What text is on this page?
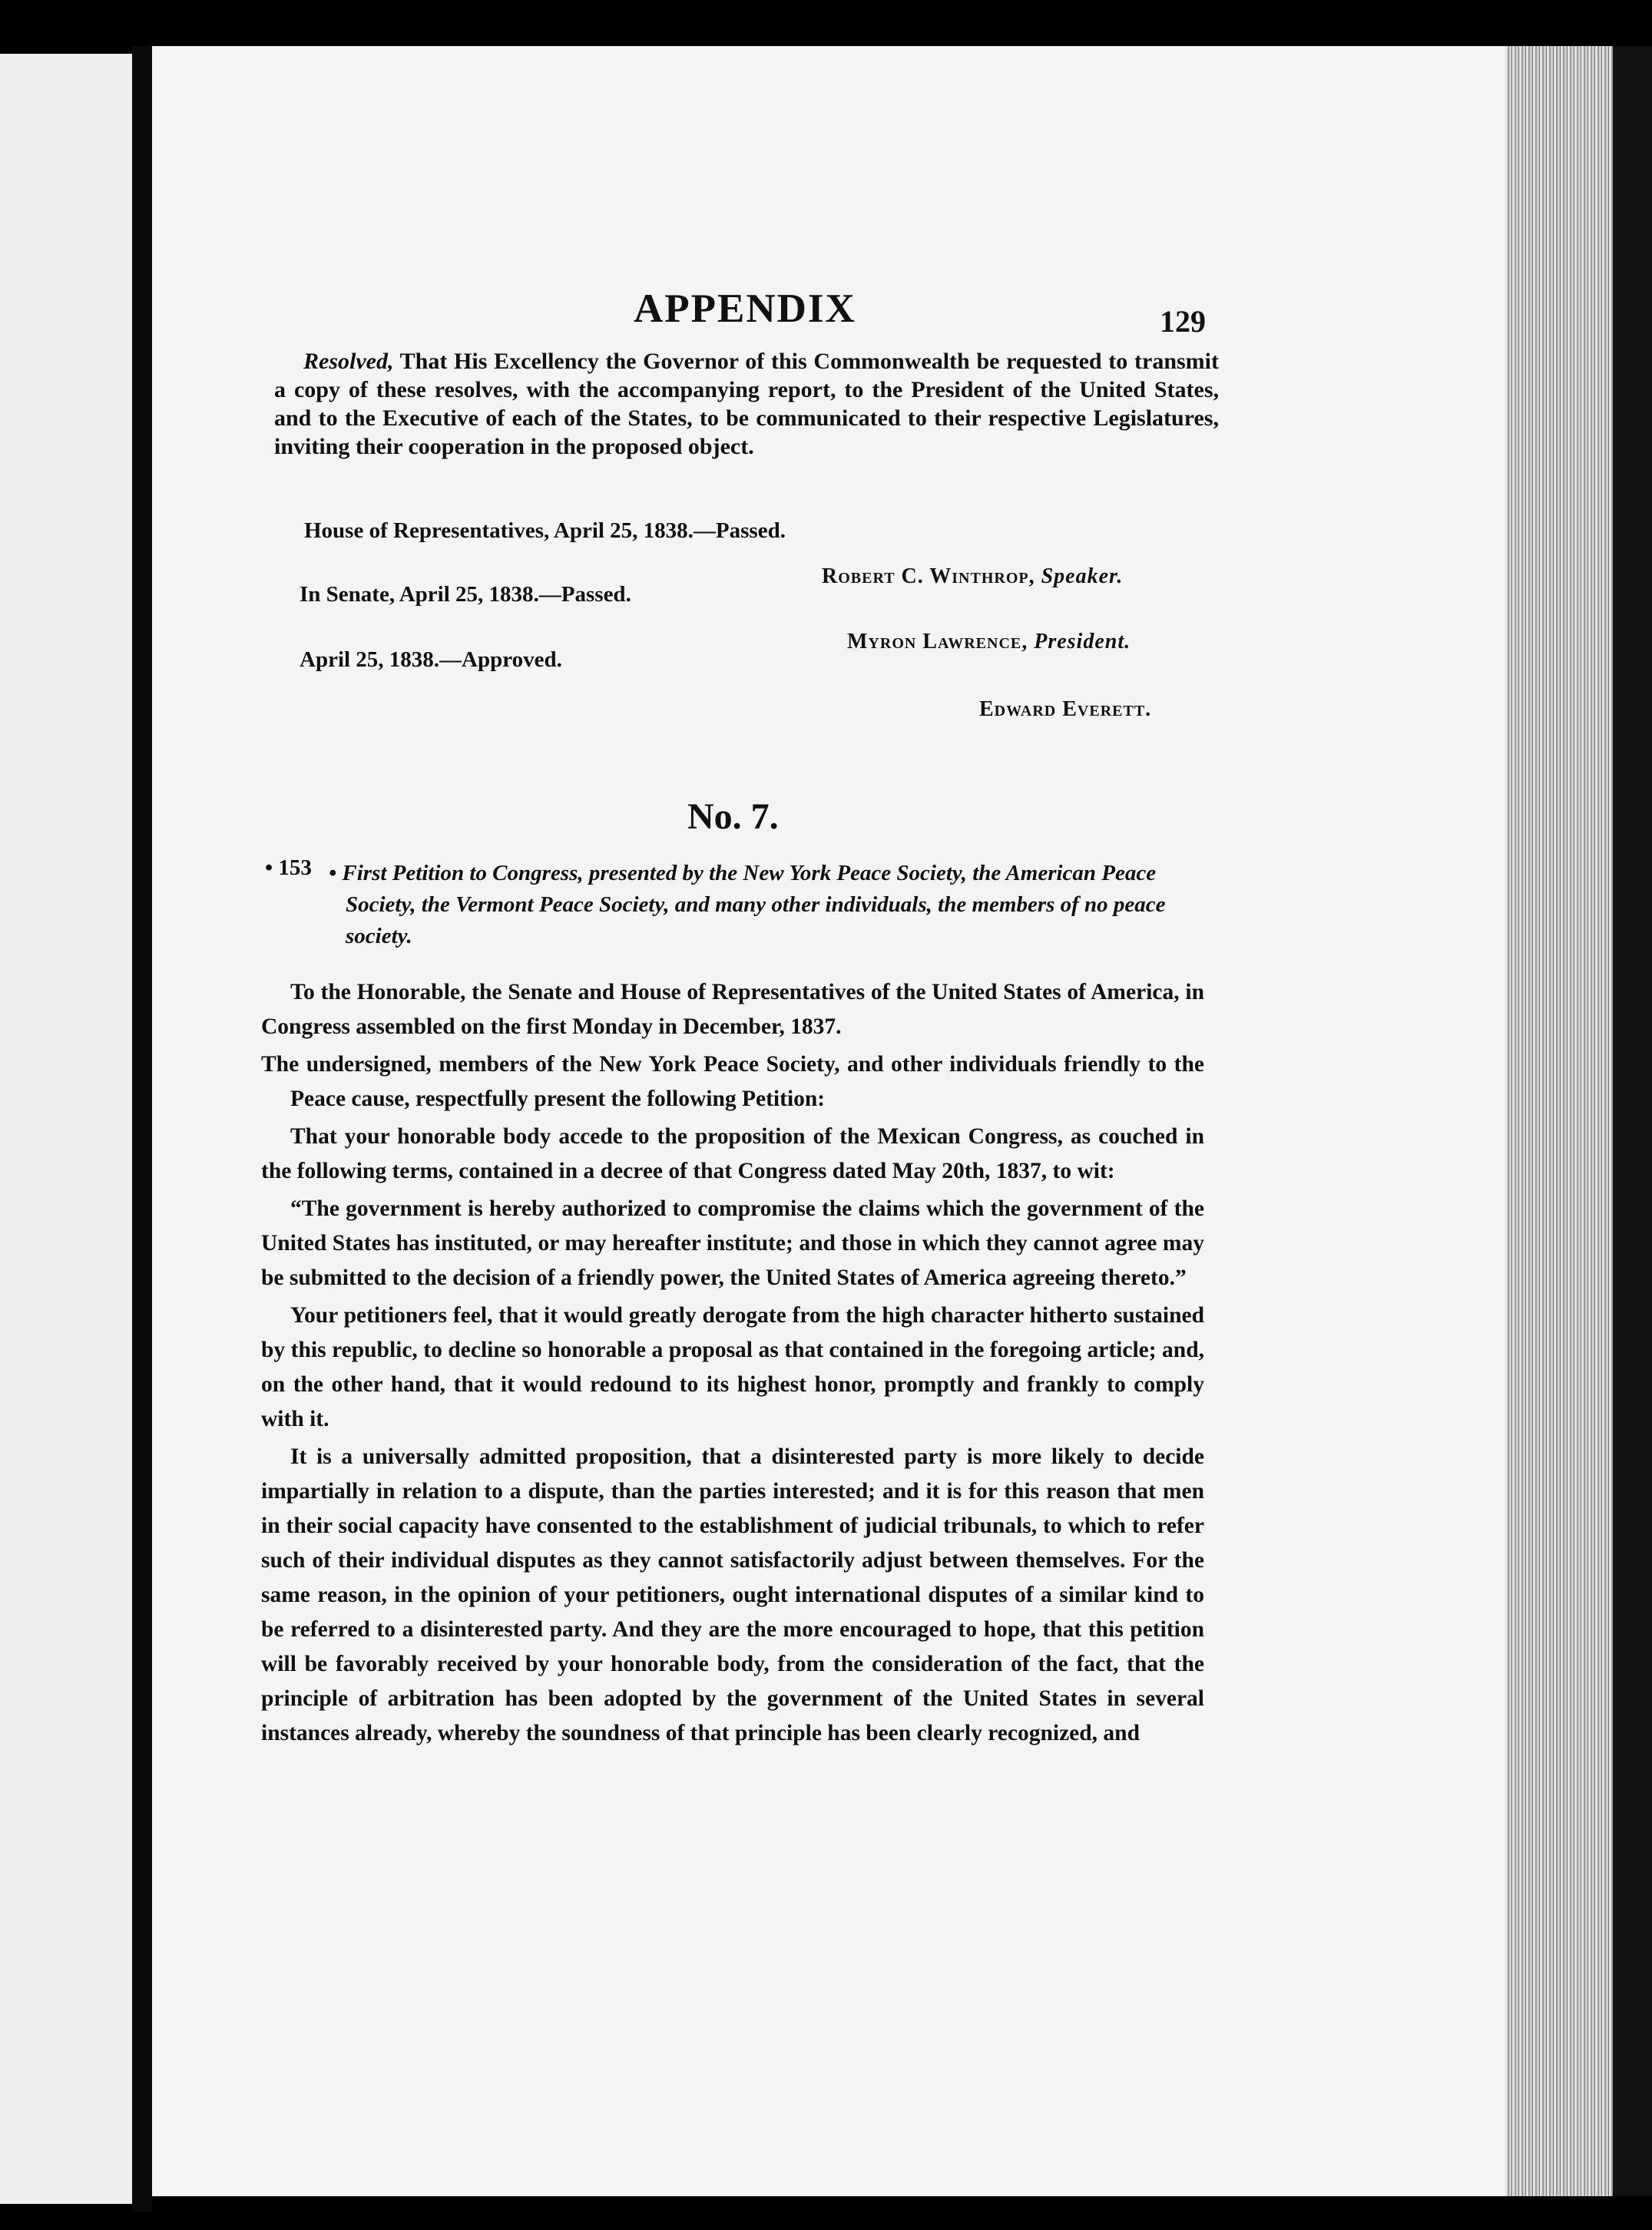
APPENDIX	129
Resolved, That His Excellency the Governor of this Commonwealth be requested to transmit a copy of these resolves, with the accompanying report, to the President of the United States, and to the Executive of each of the States, to be communicated to their respective Legislatures, inviting their cooperation in the proposed object.
House of Representatives, April 25, 1838.—Passed.
Robert C. Winthrop, Speaker.
In Senate, April 25, 1838.—Passed.
Myron Lawrence, President.
April 25, 1838.—Approved.
Edward Everett.
No. 7.
• 153 • First Petition to Congress, presented by the New York Peace Society, the American Peace Society, the Vermont Peace Society, and many other individuals, the members of no peace society.

To the Honorable, the Senate and House of Representatives of the United States of America, in Congress assembled on the first Monday in December, 1837.

The undersigned, members of the New York Peace Society, and other individuals friendly to the Peace cause, respectfully present the following Petition:

That your honorable body accede to the proposition of the Mexican Congress, as couched in the following terms, contained in a decree of that Congress dated May 20th, 1837, to wit:

“The government is hereby authorized to compromise the claims which the government of the United States has instituted, or may hereafter institute; and those in which they cannot agree may be submitted to the decision of a friendly power, the United States of America agreeing thereto.”

Your petitioners feel, that it would greatly derogate from the high character hitherto sustained by this republic, to decline so honorable a proposal as that contained in the foregoing article; and, on the other hand, that it would redound to its highest honor, promptly and frankly to comply with it.

It is a universally admitted proposition, that a disinterested party is more likely to decide impartially in relation to a dispute, than the parties interested; and it is for this reason that men in their social capacity have consented to the establishment of judicial tribunals, to which to refer such of their individual disputes as they cannot satisfactorily adjust between themselves. For the same reason, in the opinion of your petitioners, ought international disputes of a similar kind to be referred to a disinterested party. And they are the more encouraged to hope, that this petition will be favorably received by your honorable body, from the consideration of the fact, that the principle of arbitration has been adopted by the government of the United States in several instances already, whereby the soundness of that principle has been clearly recognized, and
